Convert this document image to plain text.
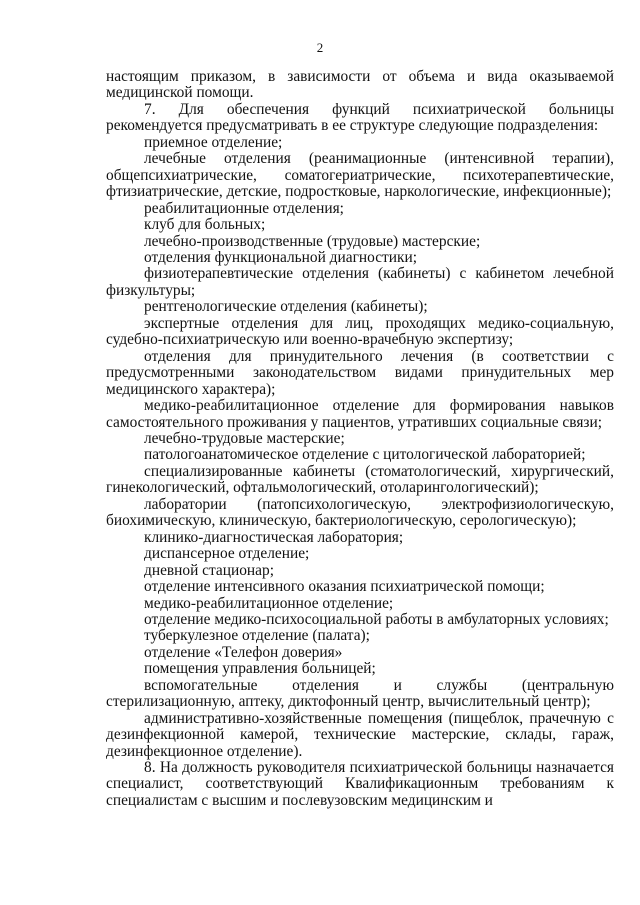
2

настоящим приказом, в зависимости от объема и вида оказываемой медицинской помощи.

7. Для обеспечения функций психиатрической больницы рекомендуется предусматривать в ее структуре следующие подразделения:

приемное отделение;

лечебные отделения (реанимационные (интенсивной терапии), общепсихиатрические, соматогериатрические, психотерапевтические, фтизиатрические, детские, подростковые, наркологические, инфекционные);

реабилитационные отделения;

клуб для больных;

лечебно-производственные (трудовые) мастерские;

отделения функциональной диагностики;

физиотерапевтические отделения (кабинеты) с кабинетом лечебной физкультуры;

рентгенологические отделения (кабинеты);

экспертные отделения для лиц, проходящих медико-социальную, судебно-психиатрическую или военно-врачебную экспертизу;

отделения для принудительного лечения (в соответствии с предусмотренными законодательством видами принудительных мер медицинского характера);

медико-реабилитационное отделение для формирования навыков самостоятельного проживания у пациентов, утративших социальные связи;

лечебно-трудовые мастерские;

патологоанатомическое отделение с цитологической лабораторией;

специализированные кабинеты (стоматологический, хирургический, гинекологический, офтальмологический, отоларингологический);

лаборатории (патопсихологическую, электрофизиологическую, биохимическую, клиническую, бактериологическую, серологическую);

клинико-диагностическая лаборатория;

диспансерное отделение;

дневной стационар;

отделение интенсивного оказания психиатрической помощи;

медико-реабилитационное отделение;

отделение медико-психосоциальной работы в амбулаторных условиях;

туберкулезное отделение (палата);

отделение «Телефон доверия»

помещения управления больницей;

вспомогательные отделения и службы (центральную стерилизационную, аптеку, диктофонный центр, вычислительный центр);

административно-хозяйственные помещения (пищеблок, прачечную с дезинфекционной камерой, технические мастерские, склады, гараж, дезинфекционное отделение).

8. На должность руководителя психиатрической больницы назначается специалист, соответствующий Квалификационным требованиям к специалистам с высшим и послевузовским медицинским и
